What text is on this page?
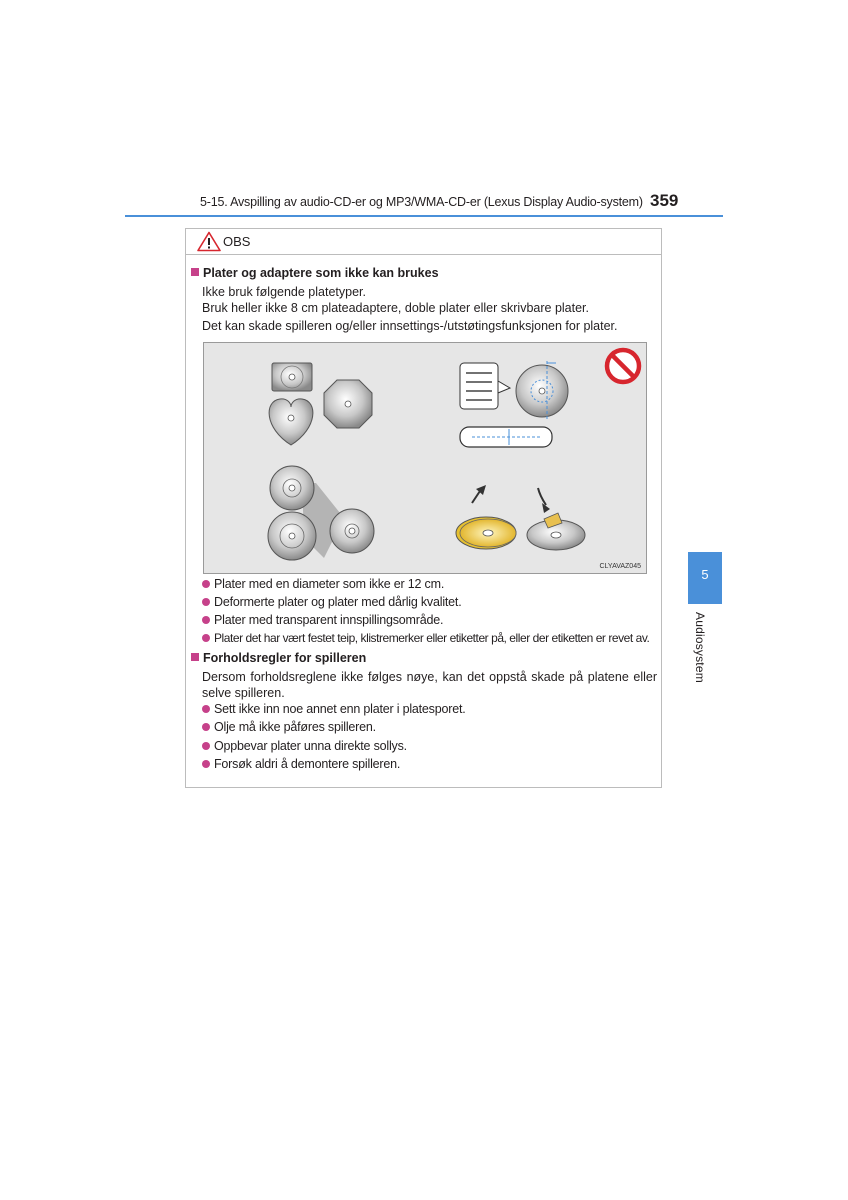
5-15. Avspilling av audio-CD-er og MP3/WMA-CD-er (Lexus Display Audio-system) 359
5
Audiosystem
OBS
Plater og adaptere som ikke kan brukes
Ikke bruk følgende platetyper.
Bruk heller ikke 8 cm plateadaptere, doble plater eller skrivbare plater.
Det kan skade spilleren og/eller innsettings-/utstøtingsfunksjonen for plater.
CLYAVAZ045
Plater med en diameter som ikke er 12 cm.
Deformerte plater og plater med dårlig kvalitet.
Plater med transparent innspillingsområde.
Plater det har vært festet teip, klistremerker eller etiketter på, eller der etiketten er revet av.
Forholdsregler for spilleren
Dersom forholdsreglene ikke følges nøye, kan det oppstå skade på platene eller selve spilleren.
Sett ikke inn noe annet enn plater i platesporet.
Olje må ikke påføres spilleren.
Oppbevar plater unna direkte sollys.
Forsøk aldri å demontere spilleren.
